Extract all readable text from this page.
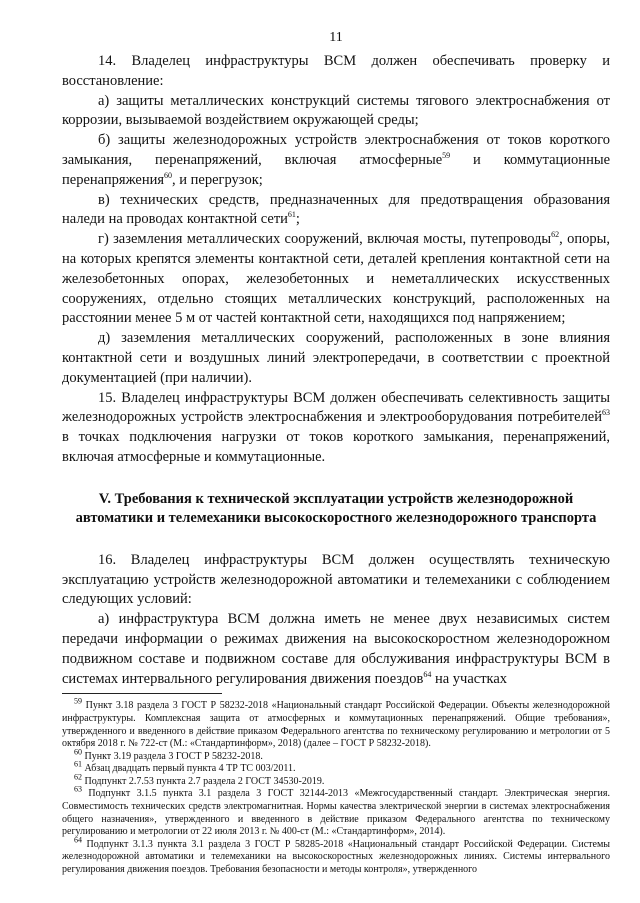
11

14. Владелец инфраструктуры ВСМ должен обеспечивать проверку и восстановление:

а) защиты металлических конструкций системы тягового электроснабжения от коррозии, вызываемой воздействием окружающей среды;

б) защиты железнодорожных устройств электроснабжения от токов короткого замыкания, перенапряжений, включая атмосферные$^{59}$ и коммутационные перенапряжения$^{60}$, и перегрузок;

в) технических средств, предназначенных для предотвращения образования наледи на проводах контактной сети$^{61}$;

г) заземления металлических сооружений, включая мосты, путепроводы$^{62}$, опоры, на которых крепятся элементы контактной сети, деталей крепления контактной сети на железобетонных опорах, железобетонных и неметаллических искусственных сооружениях, отдельно стоящих металлических конструкций, расположенных на расстоянии менее 5 м от частей контактной сети, находящихся под напряжением;

д) заземления металлических сооружений, расположенных в зоне влияния контактной сети и воздушных линий электропередачи, в соответствии с проектной документацией (при наличии).

15. Владелец инфраструктуры ВСМ должен обеспечивать селективность защиты железнодорожных устройств электроснабжения и электрооборудования потребителей$^{63}$ в точках подключения нагрузки от токов короткого замыкания, перенапряжений, включая атмосферные и коммутационные.

V. Требования к технической эксплуатации устройств железнодорожной автоматики и телемеханики высокоскоростного железнодорожного транспорта

16. Владелец инфраструктуры ВСМ должен осуществлять техническую эксплуатацию устройств железнодорожной автоматики и телемеханики с соблюдением следующих условий:

а) инфраструктура ВСМ должна иметь не менее двух независимых систем передачи информации о режимах движения на высокоскоростном железнодорожном подвижном составе и подвижном составе для обслуживания инфраструктуры ВСМ в системах интервального регулирования движения поездов$^{64}$ на участках

$^{59}$ Пункт 3.18 раздела 3 ГОСТ Р 58232-2018 «Национальный стандарт Российской Федерации. Объекты железнодорожной инфраструктуры. Комплексная защита от атмосферных и коммутационных перенапряжений. Общие требования», утвержденного и введенного в действие приказом Федерального агентства по техническому регулированию и метрологии от 5 октября 2018 г. № 722-ст (М.: «Стандартинформ», 2018) (далее – ГОСТ Р 58232-2018).

$^{60}$ Пункт 3.19 раздела 3 ГОСТ Р 58232-2018.

$^{61}$ Абзац двадцать первый пункта 4 ТР ТС 003/2011.

$^{62}$ Подпункт 2.7.53 пункта 2.7 раздела 2 ГОСТ 34530-2019.

$^{63}$ Подпункт 3.1.5 пункта 3.1 раздела 3 ГОСТ 32144-2013 «Межгосударственный стандарт. Электрическая энергия. Совместимость технических средств электромагнитная. Нормы качества электрической энергии в системах электроснабжения общего назначения», утвержденного и введенного в действие приказом Федерального агентства по техническому регулированию и метрологии от 22 июля 2013 г. № 400-ст (М.: «Стандартинформ», 2014).

$^{64}$ Подпункт 3.1.3 пункта 3.1 раздела 3 ГОСТ Р 58285-2018 «Национальный стандарт Российской Федерации. Системы железнодорожной автоматики и телемеханики на высокоскоростных железнодорожных линиях. Системы интервального регулирования движения поездов. Требования безопасности и методы контроля», утвержденного
